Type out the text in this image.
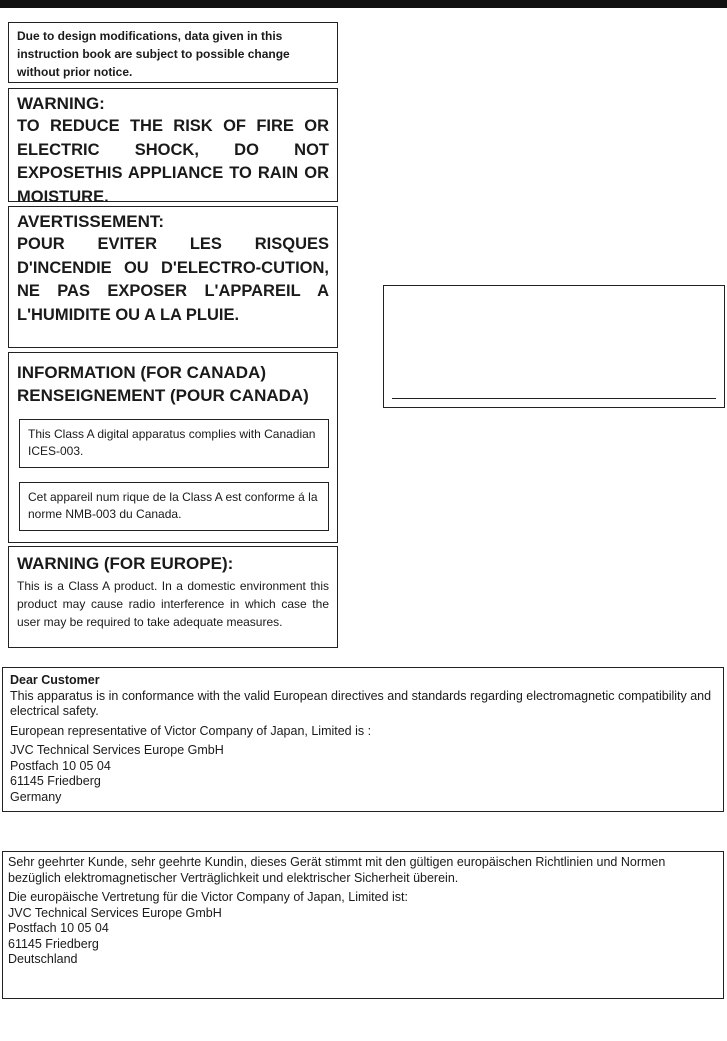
Due to design modifications, data given in this instruction book are subject to possible change without prior notice.

WARNING:

TO REDUCE THE RISK OF FIRE OR ELECTRIC SHOCK, DO NOT EXPOSETHIS APPLIANCE TO RAIN OR MOISTURE.

AVERTISSEMENT:

POUR EVITER LES RISQUES D'INCENDIE OU D'ELECTRO-CUTION, NE PAS EXPOSER L'APPAREIL A L'HUMIDITE OU A LA PLUIE.

INFORMATION (FOR CANADA)

RENSEIGNEMENT (POUR CANADA)

This Class A digital apparatus complies with Canadian ICES-003.

Cet appareil num rique de la Class A est conforme á la norme NMB-003 du Canada.

WARNING (FOR EUROPE):

This is a Class A product. In a domestic environment this product may cause radio interference in which case the user may be required to take adequate measures.

Dear Customer

This apparatus is in conformance with the valid European directives and standards regarding electromagnetic compatibility and electrical safety.

European representative of Victor Company of Japan, Limited is :

JVC Technical Services Europe GmbH

Postfach 10 05 04

61145 Friedberg

Germany

Sehr geehrter Kunde, sehr geehrte Kundin, dieses Gerät stimmt mit den gültigen europäischen Richtlinien und Normen bezüglich elektromagnetischer Verträglichkeit und elektrischer Sicherheit überein.

Die europäische Vertretung für die Victor Company of Japan, Limited ist:

JVC Technical Services Europe GmbH

Postfach 10 05 04

61145 Friedberg

Deutschland
